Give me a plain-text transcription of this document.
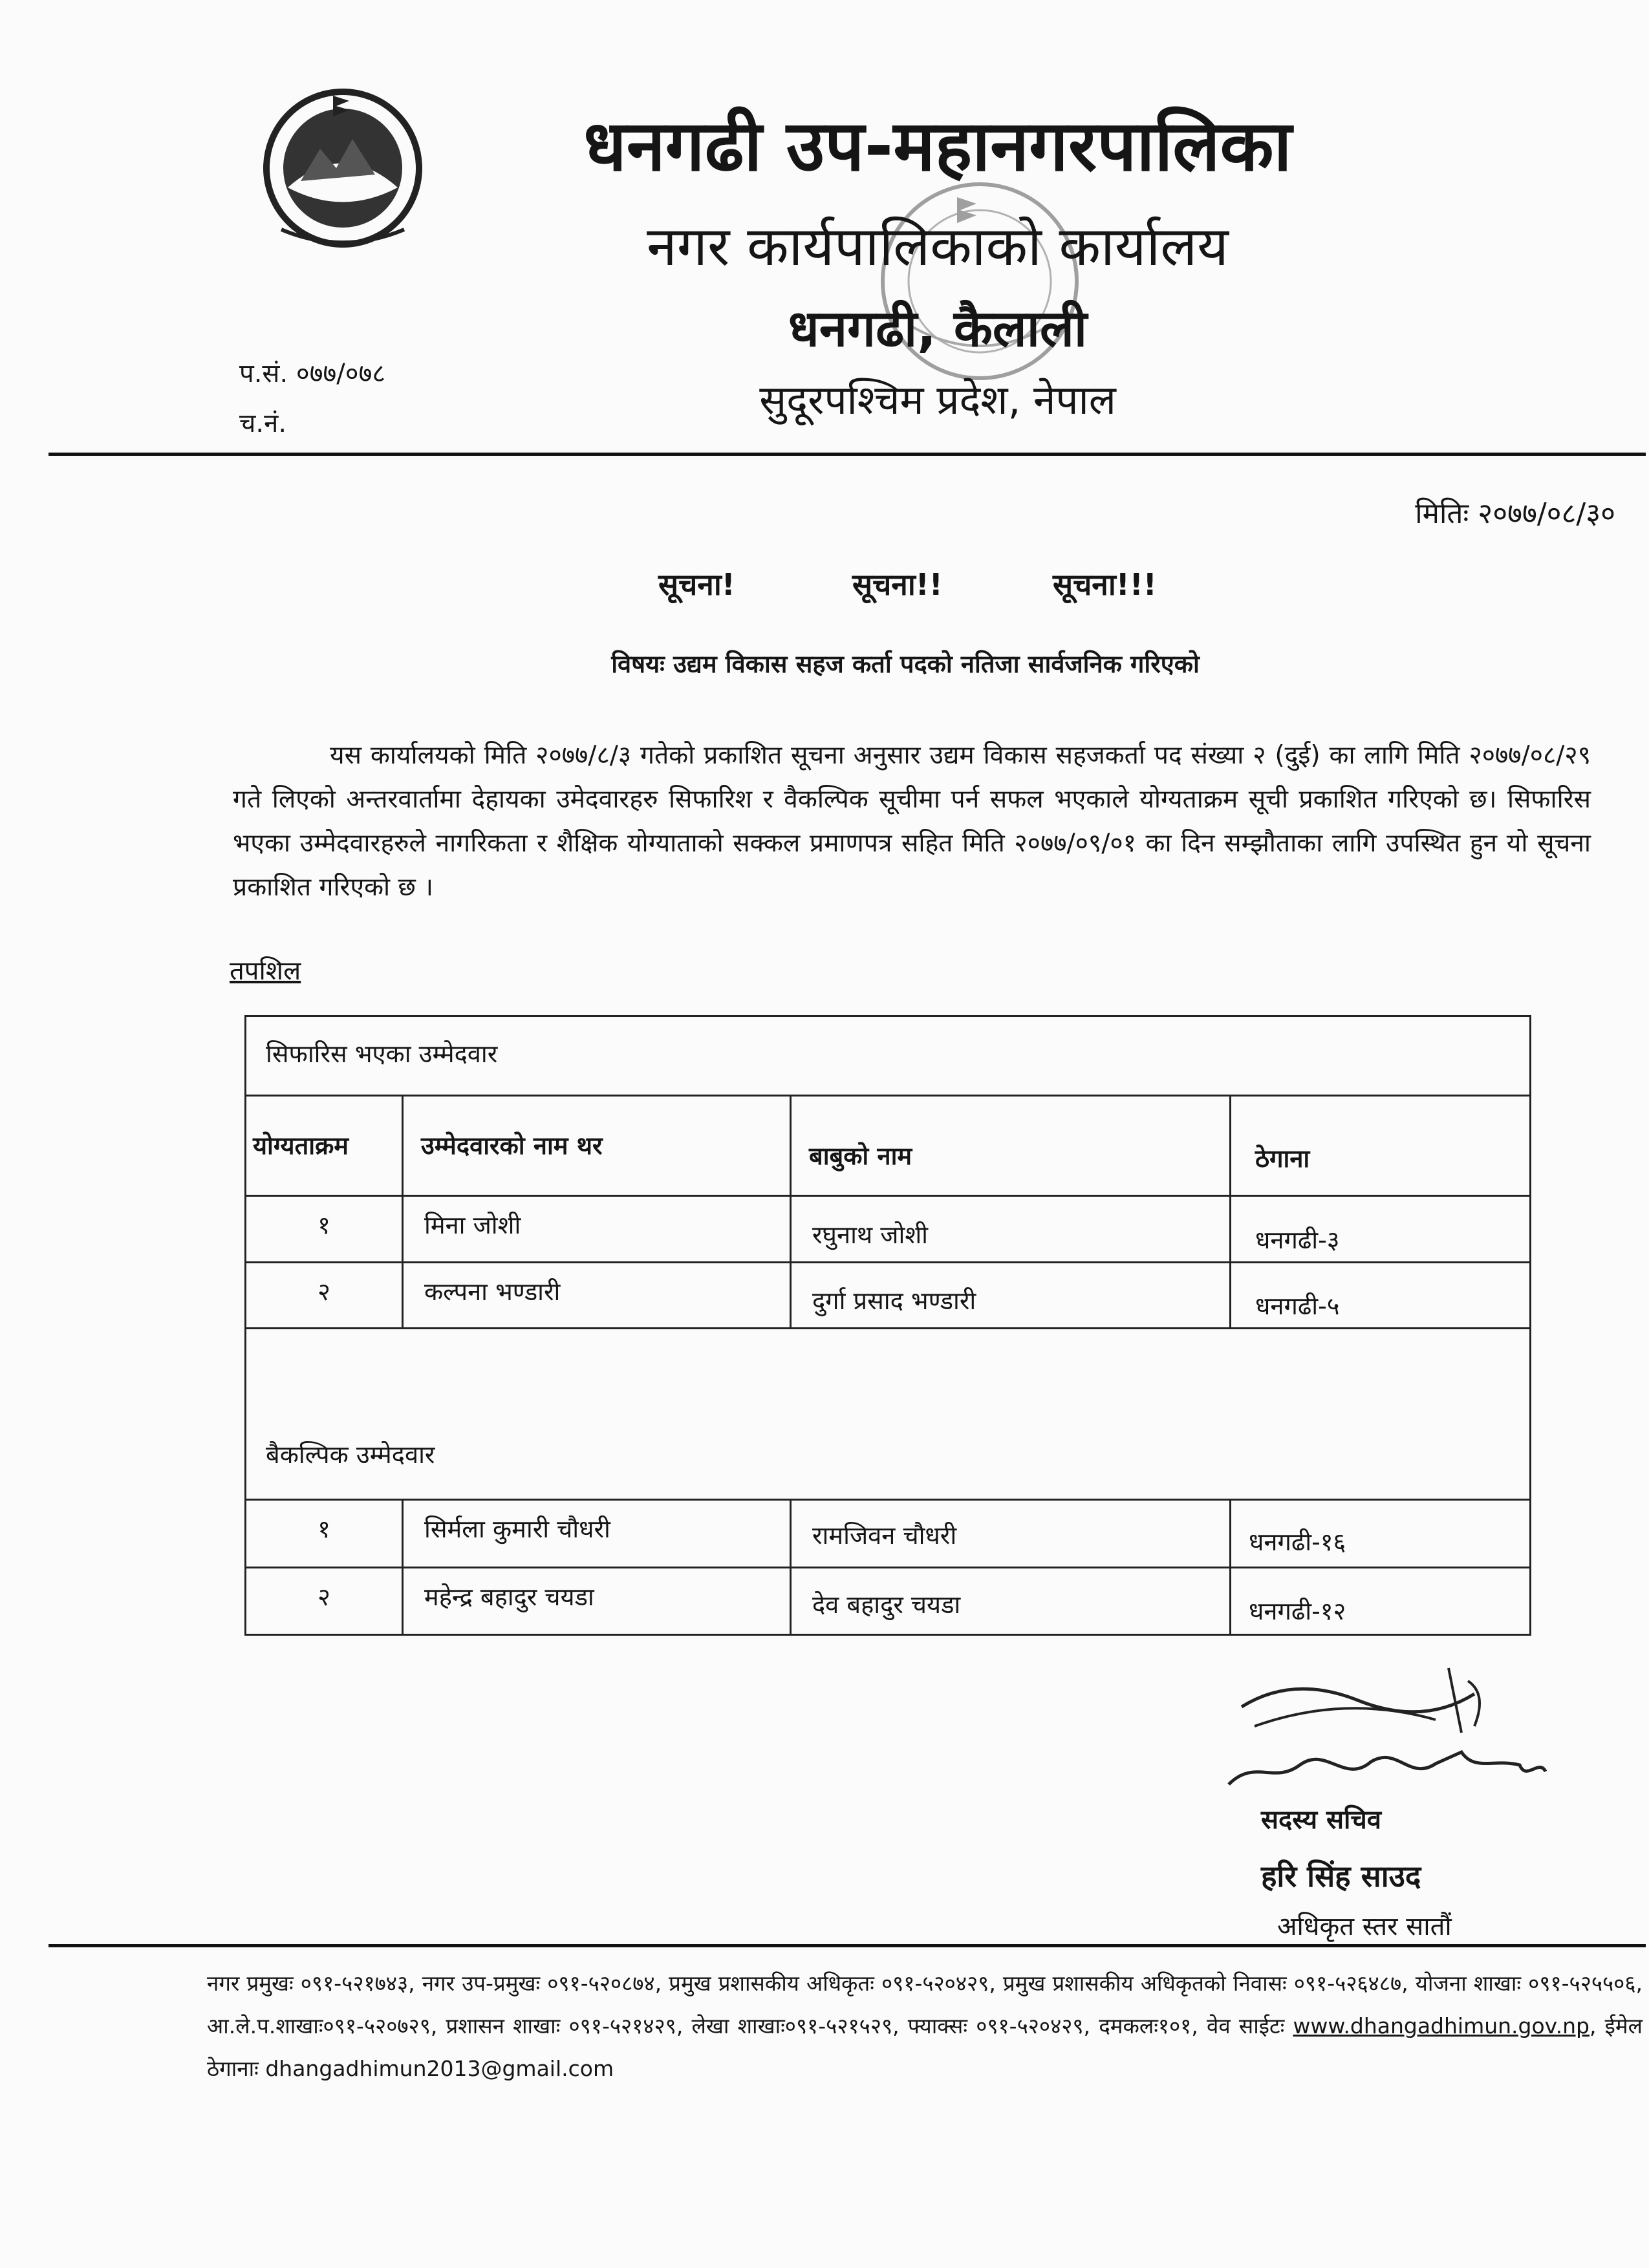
धनगढी उप-महानगरपालिका
नगर कार्यपालिकाको कार्यालय
धनगढी, कैलाली
सुदूरपश्चिम प्रदेश, नेपाल
प.सं. ०७७/०७८
च.नं.
मितिः २०७७/०८/३०
सूचना!	सूचना!!	सूचना!!!
विषयः उद्यम विकास सहज कर्ता पदको नतिजा सार्वजनिक गरिएको
यस कार्यालयको मिति २०७७/८/३ गतेको प्रकाशित सूचना अनुसार उद्यम विकास सहजकर्ता पद संख्या २ (दुई) का लागि मिति २०७७/०८/२९ गते लिएको अन्तरवार्तामा देहायका उमेदवारहरु सिफारिश र वैकल्पिक सूचीमा पर्न सफल भएकाले योग्यताक्रम सूची प्रकाशित गरिएको छ। सिफारिस भएका उम्मेदवारहरुले नागरिकता र शैक्षिक योग्याताको सक्कल प्रमाणपत्र सहित मिति २०७७/०९/०१ का दिन सम्झौताका लागि उपस्थित हुन यो सूचना प्रकाशित गरिएको छ ।
तपशिल
सिफारिस भएका उम्मेदवार
योग्यताक्रम	उम्मेदवारको नाम थर	बाबुको नाम	ठेगाना
१	मिना जोशी	रघुनाथ जोशी	धनगढी-३
२	कल्पना भण्डारी	दुर्गा प्रसाद भण्डारी	धनगढी-५
बैकल्पिक उम्मेदवार
१	सिर्मला कुमारी चौधरी	रामजिवन चौधरी	धनगढी-१६
२	महेन्द्र बहादुर चयडा	देव बहादुर चयडा	धनगढी-१२
सदस्य सचिव
हरि सिंह साउद
अधिकृत स्तर सातौं
नगर प्रमुखः ०९१-५२१७४३, नगर उप-प्रमुखः ०९१-५२०८७४, प्रमुख प्रशासकीय अधिकृतः ०९१-५२०४२९, प्रमुख प्रशासकीय अधिकृतको निवासः ०९१-५२६४८७, योजना शाखाः ०९१-५२५५०६, आ.ले.प.शाखाः०९१-५२०७२९, प्रशासन शाखाः ०९१-५२१४२९, लेखा शाखाः०९१-५२१५२९, फ्याक्सः ०९१-५२०४२९, दमकलः१०१, वेव साईटः www.dhangadhimun.gov.np, ईमेल ठेगानाः dhangadhimun2013@gmail.com
